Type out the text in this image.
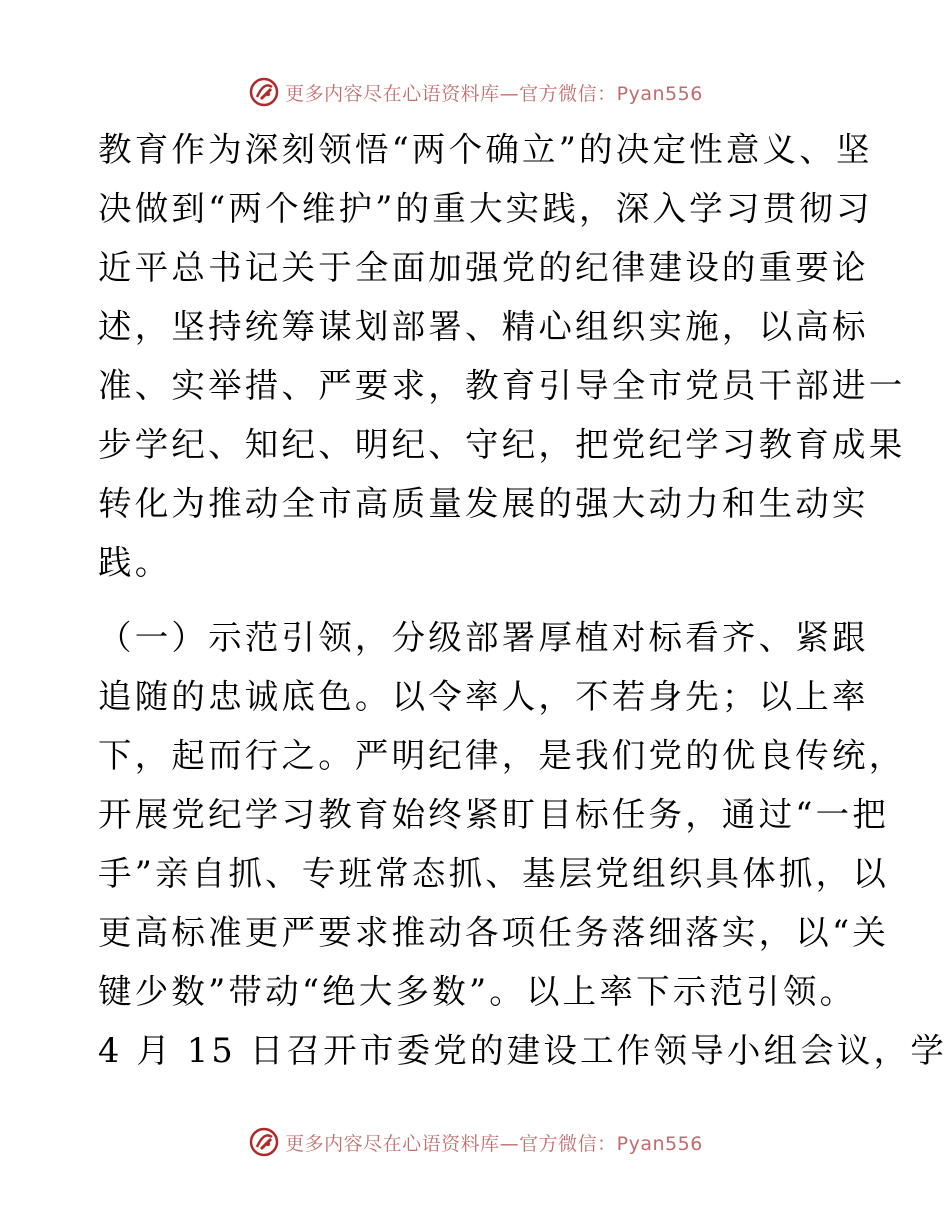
更多内容尽在心语资料库—官方微信：Pyan556
教育作为深刻领悟“两个确立”的决定性意义、坚
决做到“两个维护”的重大实践，深入学习贯彻习
近平总书记关于全面加强党的纪律建设的重要论
述，坚持统筹谋划部署、精心组织实施，以高标
准、实举措、严要求，教育引导全市党员干部进一
步学纪、知纪、明纪、守纪，把党纪学习教育成果
转化为推动全市高质量发展的强大动力和生动实
践。
（一）示范引领，分级部署厚植对标看齐、紧跟
追随的忠诚底色。以令率人，不若身先；以上率
下，起而行之。严明纪律，是我们党的优良传统，
开展党纪学习教育始终紧盯目标任务，通过“一把
手”亲自抓、专班常态抓、基层党组织具体抓，以
更高标准更严要求推动各项任务落细落实，以“关
键少数”带动“绝大多数”。以上率下示范引领。
4 月 15 日召开市委党的建设工作领导小组会议，学
更多内容尽在心语资料库—官方微信：Pyan556
